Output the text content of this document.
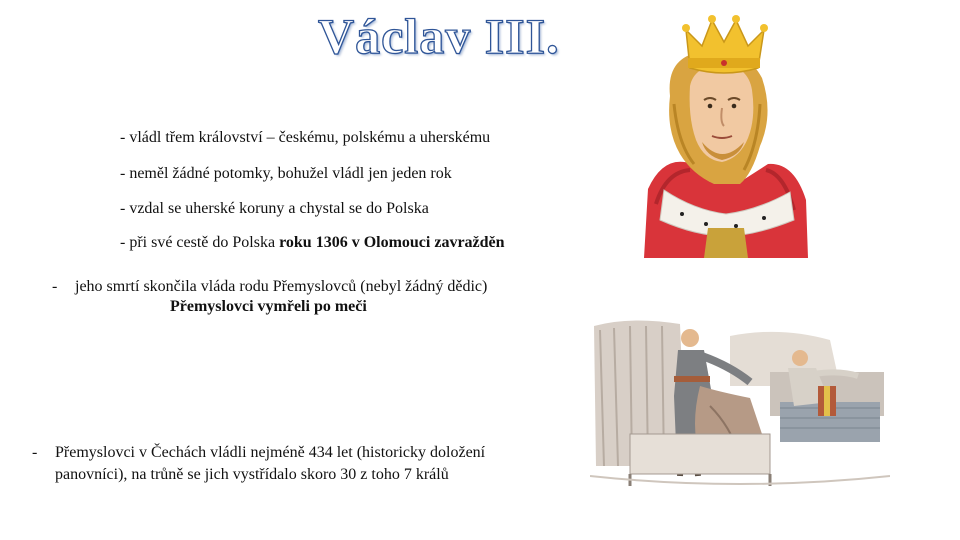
Václav III.
- vládl třem království – českému, polskému a uherskému
- neměl žádné potomky, bohužel vládl jen jeden rok
- vzdal se uherské koruny a chystal se do Polska
- při své cestě do Polska roku 1306 v Olomouci zavražděn
- jeho smrtí skončila vláda rodu Přemyslovců (nebyl žádný dědic)
Přemyslovci vymřeli po meči
- Přemyslovci v Čechách vládli nejméně 434 let (historicky doložení
panovníci), na trůně se jich vystřídalo skoro 30 z toho 7 králů
